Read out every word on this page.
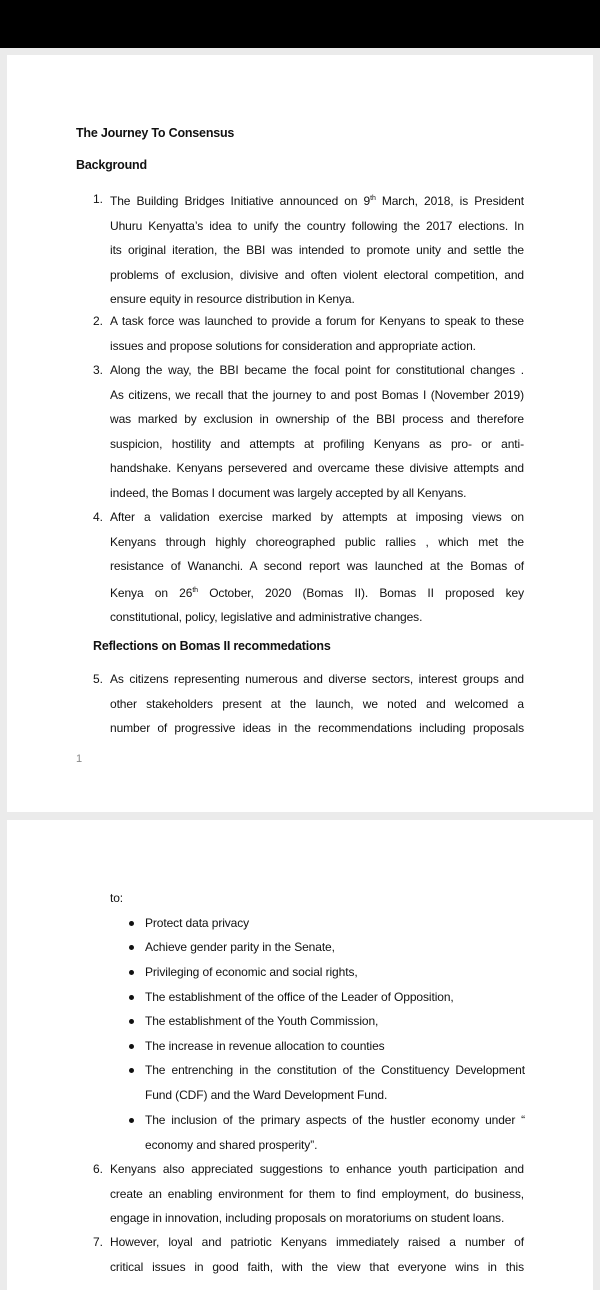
The Journey To Consensus
Background
1. The Building Bridges Initiative announced on 9th March, 2018, is President
Uhuru Kenyatta’s idea to unify the country following the 2017 elections. In
its original iteration, the BBI was intended to promote unity and settle the
problems of exclusion, divisive and often violent electoral competition, and
ensure equity in resource distribution in Kenya.
2. A task force was launched to provide a forum for Kenyans to speak to these
issues and propose solutions for consideration and appropriate action.
3. Along the way, the BBI became the focal point for constitutional changes .
As citizens, we recall that the journey to and post Bomas I (November 2019)
was marked by exclusion in ownership of the BBI process and therefore
suspicion, hostility and attempts at profiling Kenyans as pro- or anti-
handshake. Kenyans persevered and overcame these divisive attempts and
indeed, the Bomas I document was largely accepted by all Kenyans.
4. After a validation exercise marked by attempts at imposing views on
Kenyans through highly choreographed public rallies , which met the
resistance of Wananchi. A second report was launched at the Bomas of
Kenya on 26th October, 2020 (Bomas II). Bomas II proposed key
constitutional, policy, legislative and administrative changes.
Reflections on Bomas II recommedations
5. As citizens representing numerous and diverse sectors, interest groups and
other stakeholders present at the launch, we noted and welcomed a
number of progressive ideas in the recommendations including proposals
1
to:
Protect data privacy
Achieve gender parity in the Senate,
Privileging of economic and social rights,
The establishment of the office of the Leader of Opposition,
The establishment of the Youth Commission,
The increase in revenue allocation to counties
The entrenching in the constitution of the Constituency Development
Fund (CDF) and the Ward Development Fund.
The inclusion of the primary aspects of the hustler economy under “
economy and shared prosperity”.
6. Kenyans also appreciated suggestions to enhance youth participation and
create an enabling environment for them to find employment, do business,
engage in innovation, including proposals on moratoriums on student loans.
7. However, loyal and patriotic Kenyans immediately raised a number of
critical issues in good faith, with the view that everyone wins in this
